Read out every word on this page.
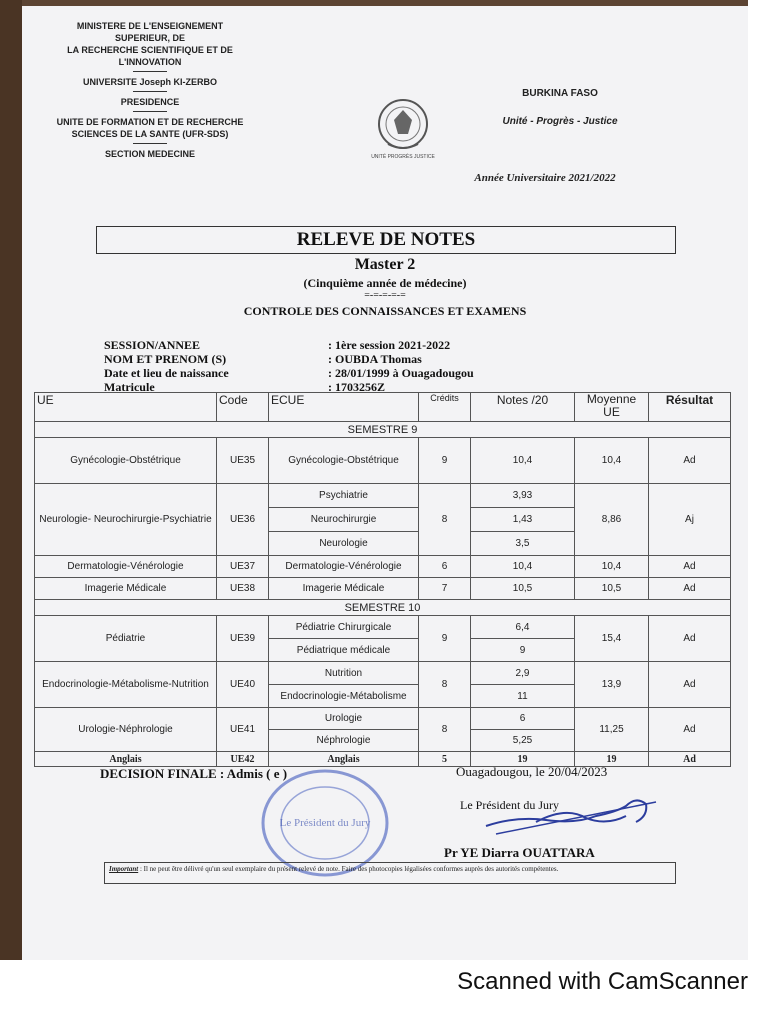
MINISTERE DE L'ENSEIGNEMENT
SUPERIEUR, DE
LA RECHERCHE SCIENTIFIQUE ET DE
L'INNOVATION
UNIVERSITE Joseph KI-ZERBO
PRESIDENCE
UNITE DE FORMATION ET DE RECHERCHE
SCIENCES DE LA SANTE (UFR-SDS)
SECTION MEDECINE	UNITÉ PROGRÈS JUSTICE
BURKINA FASO
Unité - Progrès - Justice
Année Universitaire 2021/2022
RELEVE DE NOTES
Master 2
(Cinquième année de médecine)
=-=-=-=-=
CONTROLE DES CONNAISSANCES ET EXAMENS
SESSION/ANNEE	: 1ère session 2021-2022
NOM ET PRENOM (S)	: OUBDA Thomas
Date et lieu de naissance	: 28/01/1999 à Ouagadougou
Matricule	: 1703256Z
UE	Code	ECUE	Crédits	Notes /20	Moyenne UE	Résultat
SEMESTRE 9						
Gynécologie-Obstétrique	UE35	Gynécologie-Obstétrique	9	10,4	10,4	Ad
Neurologie- Neurochirurgie-Psychiatrie	UE36	Psychiatrie	8	3,93	8,86	Aj
		Neurochirurgie		1,43		
		Neurologie		3,5		
Dermatologie-Vénérologie	UE37	Dermatologie-Vénérologie	6	10,4	10,4	Ad
Imagerie Médicale	UE38	Imagerie Médicale	7	10,5	10,5	Ad
SEMESTRE 10						
Pédiatrie	UE39	Pédiatrie Chirurgicale	9	6,4	15,4	Ad
		Pédiatrique médicale		9		
Endocrinologie-Métabolisme-Nutrition	UE40	Nutrition	8	2,9	13,9	Ad
		Endocrinologie-Métabolisme		11		
Urologie-Néphrologie	UE41	Urologie	8	6	11,25	Ad
		Néphrologie		5,25		
Anglais	UE42	Anglais	5	19	19	Ad
DECISION FINALE : Admis ( e )	Ouagadougou, le 20/04/2023
Le Président du Jury
Le Président du Jury
Pr YE Diarra OUATTARA
Important : Il ne peut être délivré qu'un seul exemplaire du présent relevé de note. Faire des photocopies légalisées conformes auprès des autorités compétentes.
Scanned with CamScanner
